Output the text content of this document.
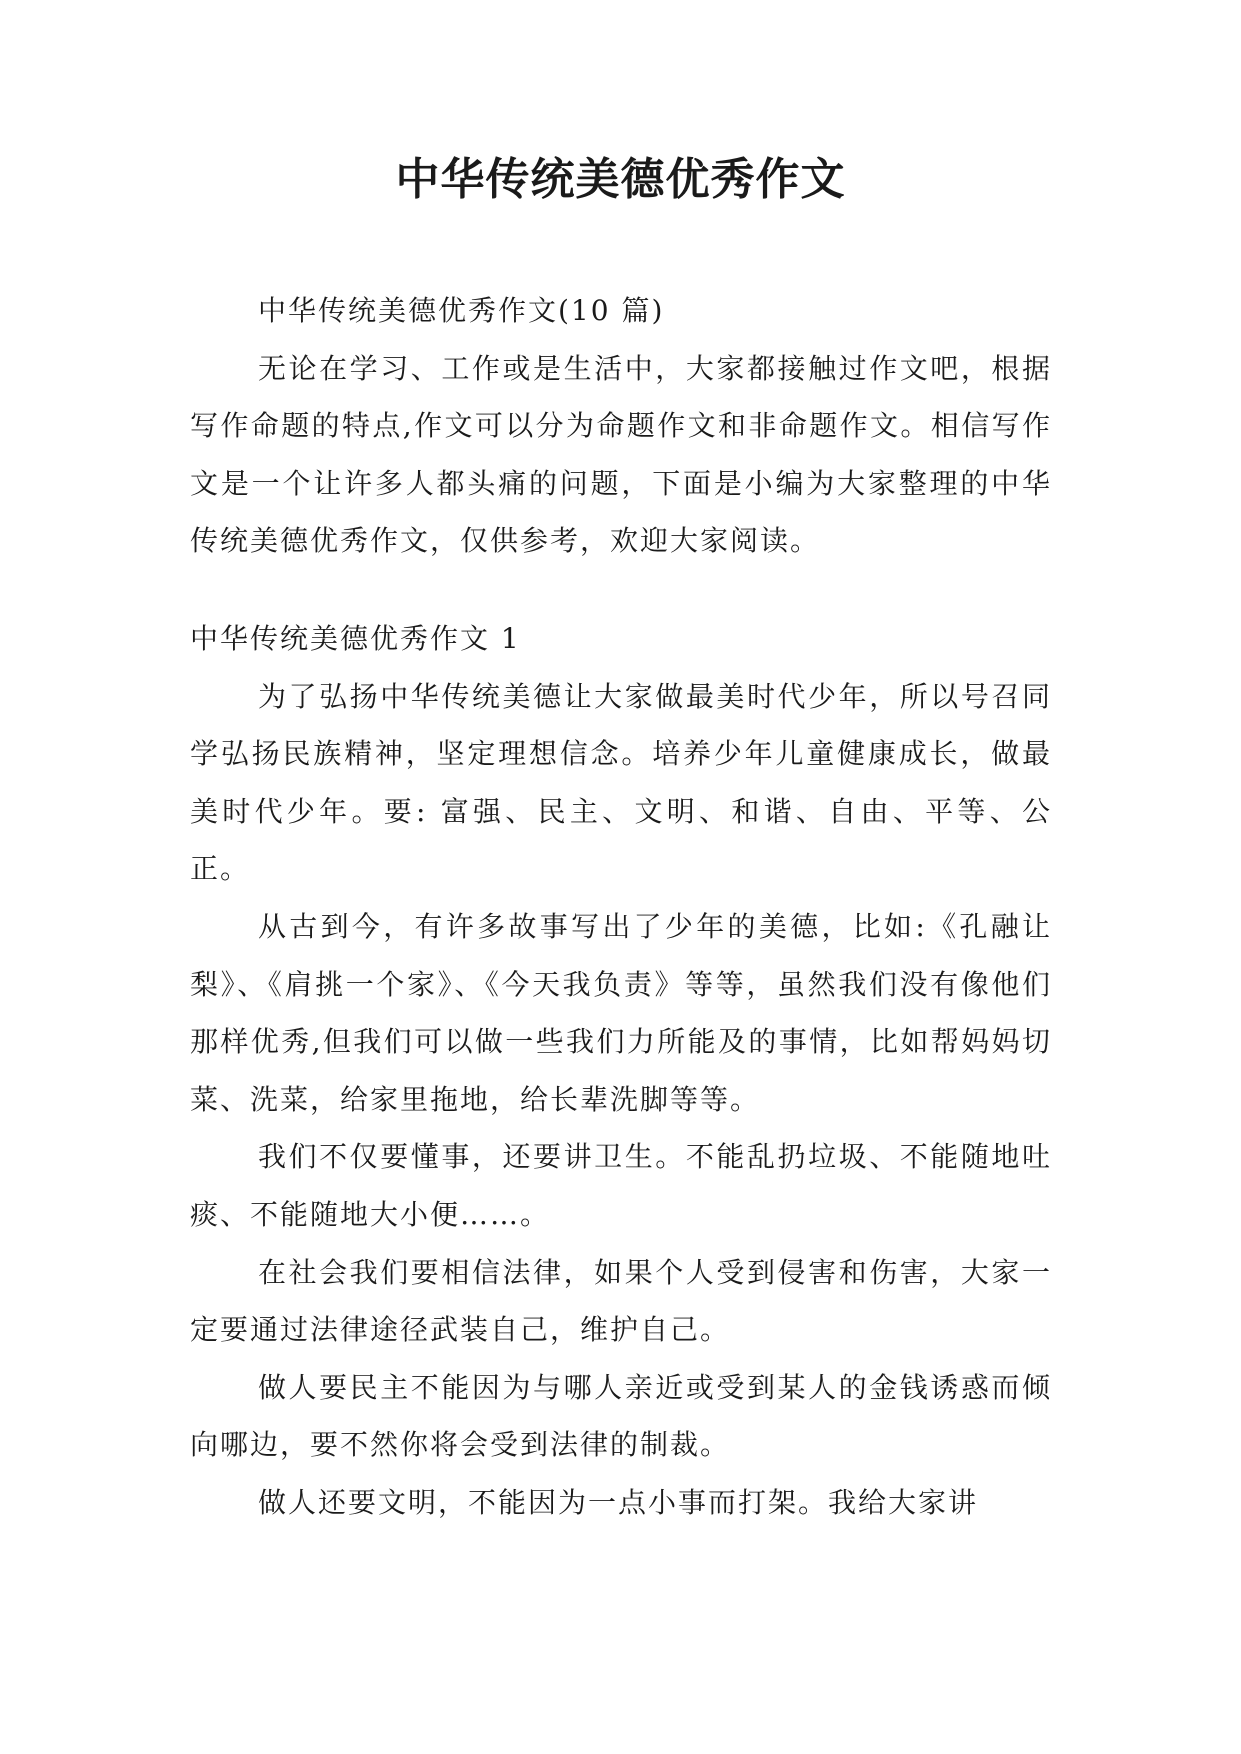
中华传统美德优秀作文

中华传统美德优秀作文(10 篇)

无论在学习、工作或是生活中，大家都接触过作文吧，根据写作命题的特点,作文可以分为命题作文和非命题作文。相信写作文是一个让许多人都头痛的问题，下面是小编为大家整理的中华传统美德优秀作文，仅供参考，欢迎大家阅读。

中华传统美德优秀作文 1

为了弘扬中华传统美德让大家做最美时代少年，所以号召同学弘扬民族精神，坚定理想信念。培养少年儿童健康成长，做最美时代少年。要: 富强、民主、文明、和谐、自由、平等、公正。

从古到今，有许多故事写出了少年的美德，比如:《孔融让梨》、《肩挑一个家》、《今天我负责》等等，虽然我们没有像他们那样优秀,但我们可以做一些我们力所能及的事情，比如帮妈妈切菜、洗菜，给家里拖地，给长辈洗脚等等。

我们不仅要懂事，还要讲卫生。不能乱扔垃圾、不能随地吐痰、不能随地大小便……。

在社会我们要相信法律，如果个人受到侵害和伤害，大家一定要通过法律途径武装自己，维护自己。

做人要民主不能因为与哪人亲近或受到某人的金钱诱惑而倾向哪边，要不然你将会受到法律的制裁。

做人还要文明，不能因为一点小事而打架。我给大家讲
